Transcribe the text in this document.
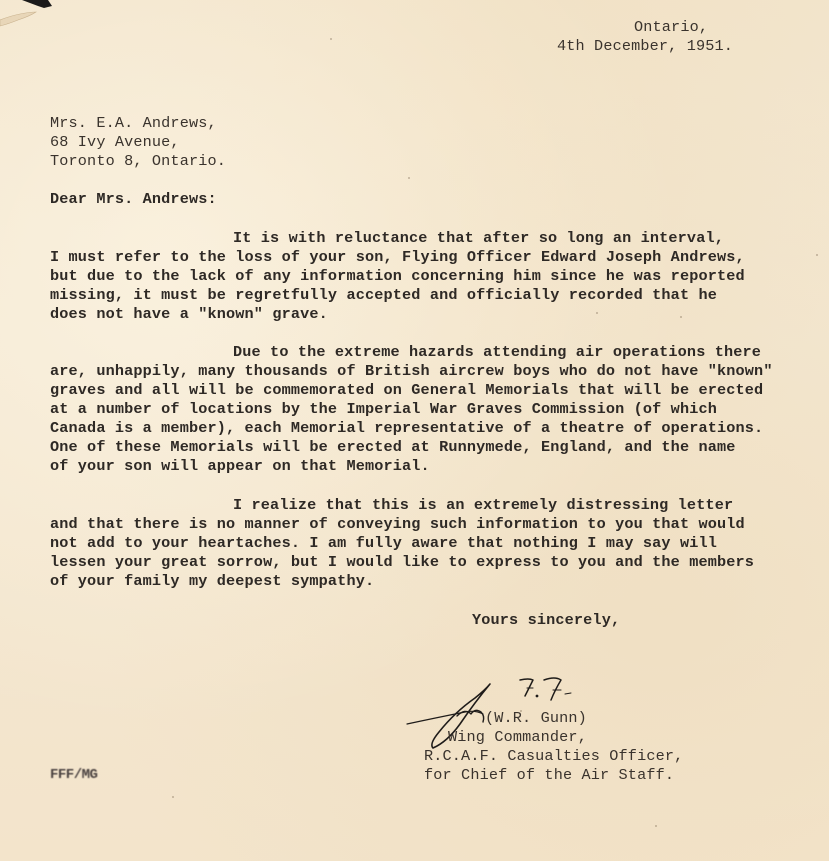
Ontario,
4th December, 1951.
Mrs. E.A. Andrews,
68 Ivy Avenue,
Toronto 8, Ontario.
Dear Mrs. Andrews:
It is with reluctance that after so long an interval,
I must refer to the loss of your son, Flying Officer Edward Joseph Andrews,
but due to the lack of any information concerning him since he was reported
missing, it must be regretfully accepted and officially recorded that he
does not have a "known" grave.
Due to the extreme hazards attending air operations there
are, unhappily, many thousands of British aircrew boys who do not have "known"
graves and all will be commemorated on General Memorials that will be erected
at a number of locations by the Imperial War Graves Commission (of which
Canada is a member), each Memorial representative of a theatre of operations.
One of these Memorials will be erected at Runnymede, England, and the name
of your son will appear on that Memorial.
I realize that this is an extremely distressing letter
and that there is no manner of conveying such information to you that would
not add to your heartaches. I am fully aware that nothing I may say will
lessen your great sorrow, but I would like to express to you and the members
of your family my deepest sympathy.
Yours sincerely,
(W.R. Gunn)
Wing Commander,
R.C.A.F. Casualties Officer,
for Chief of the Air Staff.
FFF/MG
